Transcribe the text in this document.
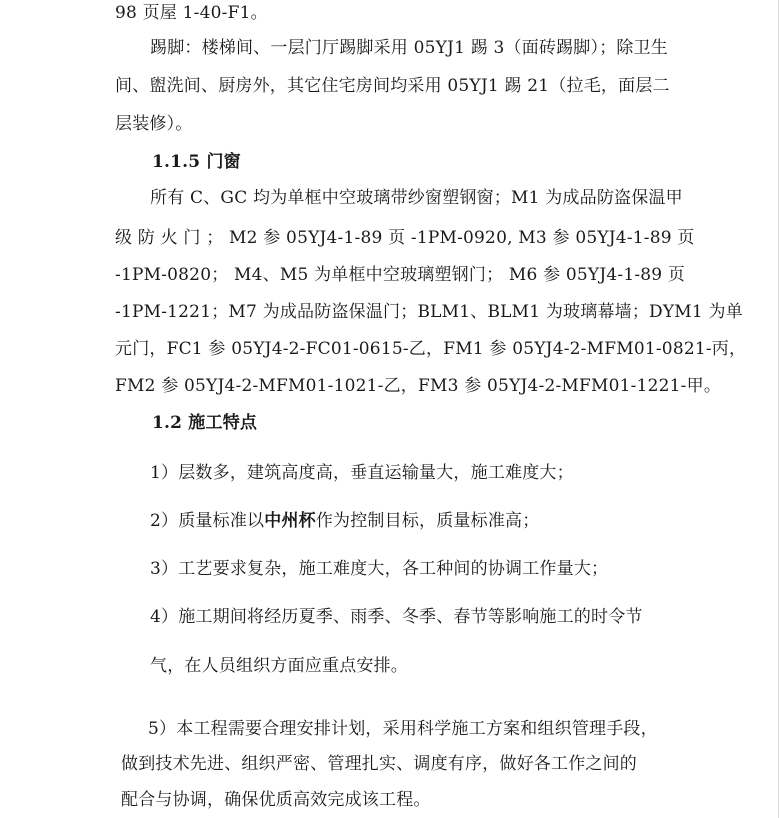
98 页屋 1-40-F1。
踢脚：楼梯间、一层门厅踢脚采用 05YJ1 踢 3（面砖踢脚）；除卫生
间、盥洗间、厨房外，其它住宅房间均采用 05YJ1 踢 21（拉毛，面层二
层装修）。
1.1.5 门窗
所有 C、GC 均为单框中空玻璃带纱窗塑钢窗；M1 为成品防盗保温甲
级 防 火 门 ； M2 参 05YJ4-1-89 页 -1PM-0920, M3 参 05YJ4-1-89 页
-1PM-0820； M4、M5 为单框中空玻璃塑钢门； M6 参 05YJ4-1-89 页
-1PM-1221；M7 为成品防盗保温门；BLM1、BLM1 为玻璃幕墙；DYM1 为单
元门，FC1 参 05YJ4-2-FC01-0615-乙，FM1 参 05YJ4-2-MFM01-0821-丙，
FM2 参 05YJ4-2-MFM01-1021-乙，FM3 参 05YJ4-2-MFM01-1221-甲。
1.2 施工特点
1）层数多，建筑高度高，垂直运输量大，施工难度大；
2）质量标准以中州杯作为控制目标，质量标准高；
3）工艺要求复杂，施工难度大，各工种间的协调工作量大；
4）施工期间将经历夏季、雨季、冬季、春节等影响施工的时令节
气，在人员组织方面应重点安排。
5）本工程需要合理安排计划，采用科学施工方案和组织管理手段，
做到技术先进、组织严密、管理扎实、调度有序，做好各工作之间的
配合与协调，确保优质高效完成该工程。
